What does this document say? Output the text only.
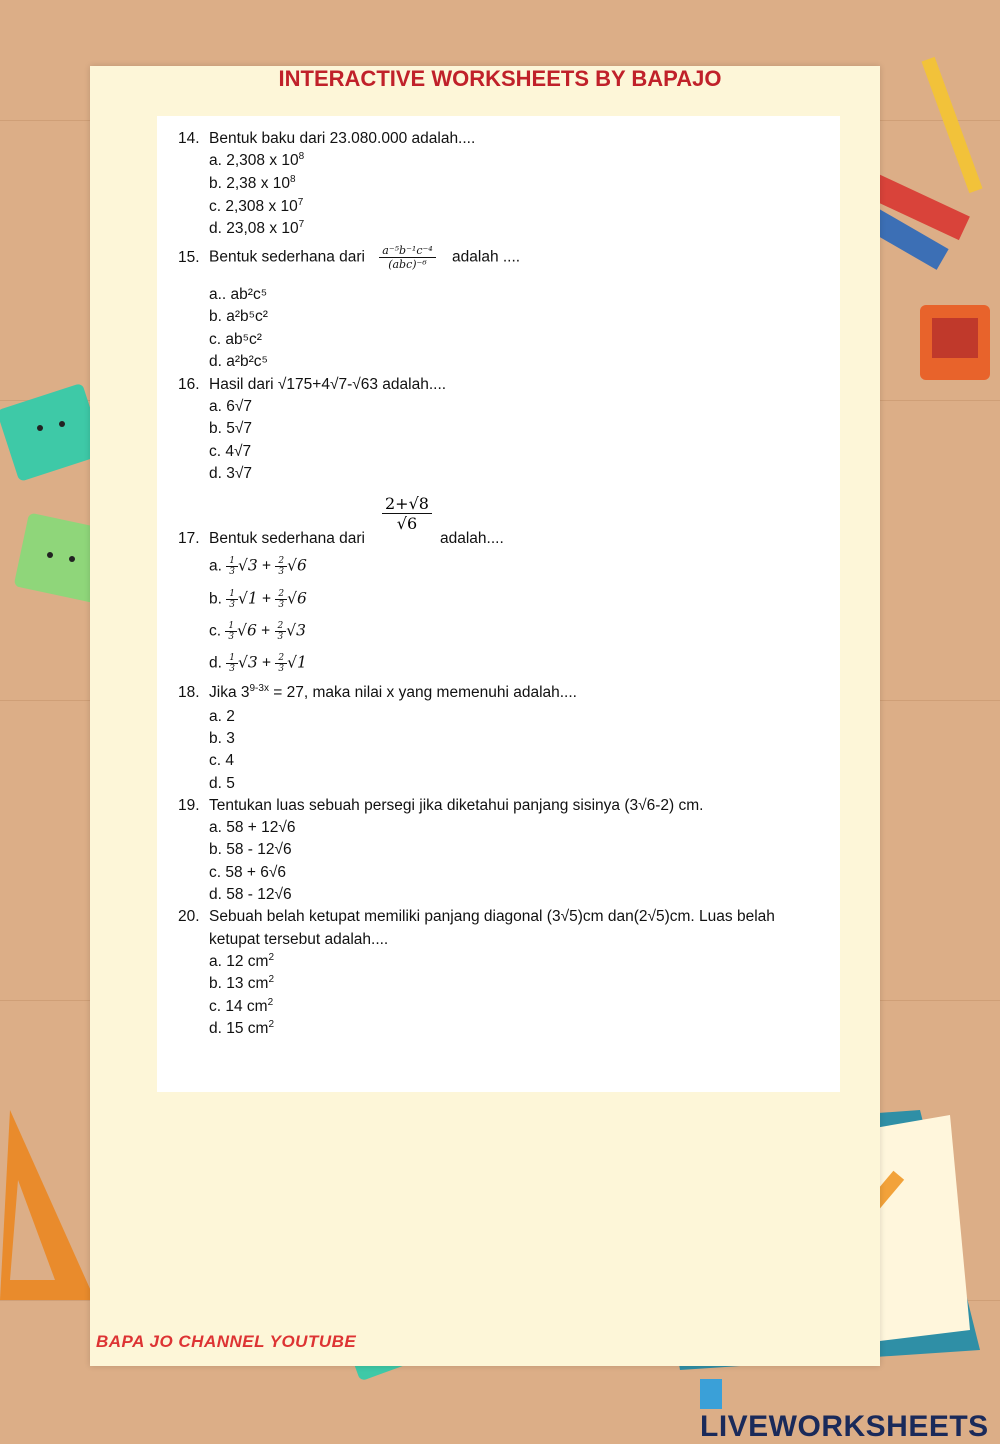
INTERACTIVE WORKSHEETS BY BAPAJO
14. Bentuk baku dari 23.080.000 adalah....
a. 2,308 x $10^8$
b. 2,38 x $10^8$
c. 2,308 x $10^7$
d. 23,08 x $10^7$
15. Bentuk sederhana dari $\frac{\text{a⁻⁵b⁻¹c⁻⁴}}{\text{(abc)⁻⁶}}$ adalah ....
a.. ab²c⁵
b. a²b⁵c²
c. ab⁵c²
d. a²b²c⁵
16. Hasil dari √175+4√7-√63 adalah....
a. 6√7
b. 5√7
c. 4√7
d. 3√7
17. Bentuk sederhana dari
$\frac{2+√8}{√6}$
adalah....
a. $\frac{1}{3} √3 + \frac{2}{3} √6$
b. $\frac{1}{3} √1 + \frac{2}{3} √6$
c. $\frac{1}{3} √6 + \frac{2}{3} √3$
d. $\frac{1}{3} √3 + \frac{2}{3} √1$
18. Jika $3^{9-3x} = 27$, maka nilai x yang memenuhi adalah....
a. 2
b. 3
c. 4
d. 5
19. Tentukan luas sebuah persegi jika diketahui panjang sisinya (3√6-2) cm.
a. 58 + 12√6
b. 58 - 12√6
c. 58 + 6√6
d. 58 - 12√6
20. Sebuah belah ketupat memiliki panjang diagonal (3√5)cm dan(2√5)cm. Luas belah
ketupat tersebut adalah....
a. 12 $cm^2$
b. 13 $cm^2$
c. 14 $cm^2$
d. 15 $cm^2$
BAPA JO CHANNEL YOUTUBE
LIVEWORKSHEETS
